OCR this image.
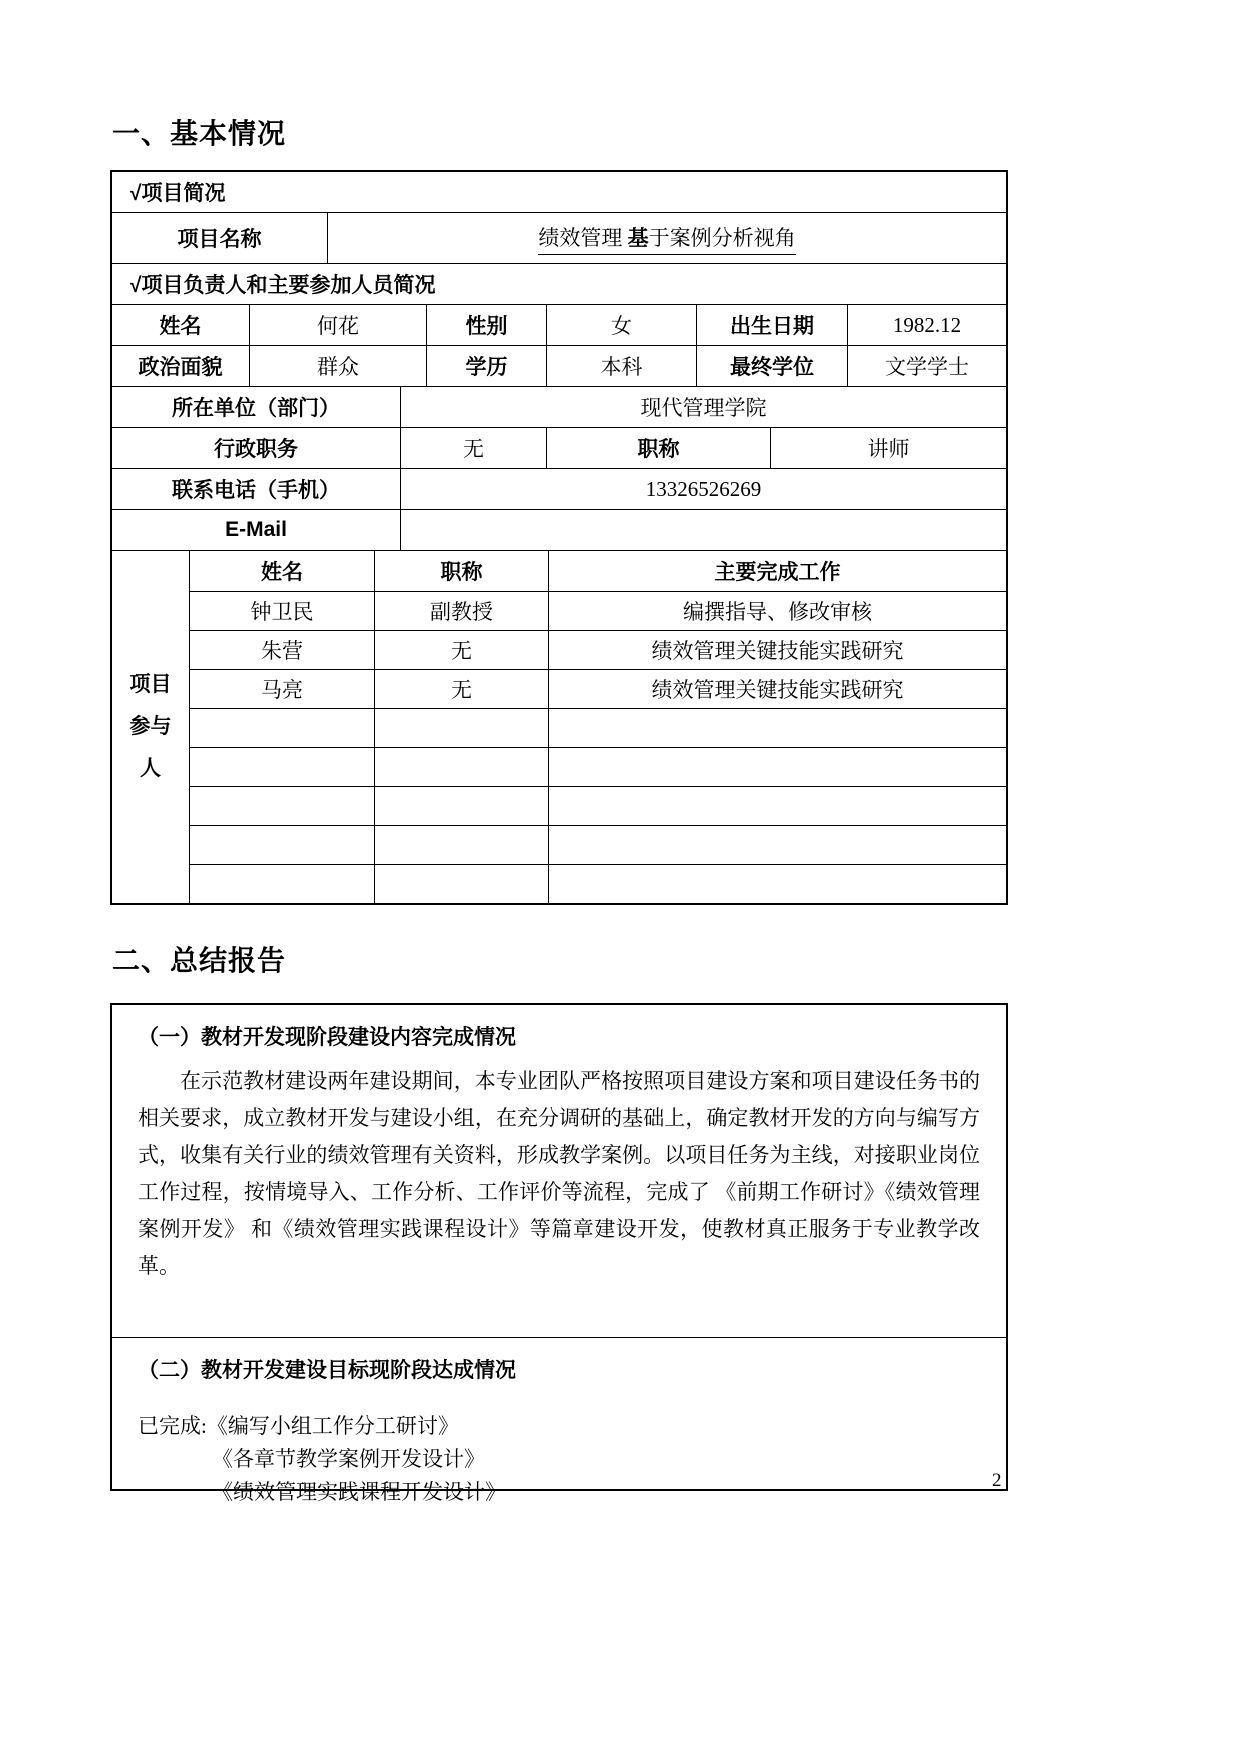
一、基本情况
√项目简况
项目名称	绩效管理 基于案例分析视角
√项目负责人和主要参加人员简况
姓名	何花	性别	女	出生日期	1982.12
政治面貌	群众	学历	本科	最终学位	文学学士
所在单位（部门）	现代管理学院
行政职务	无	职称	讲师
联系电话（手机）	13326526269
E-Mail
项目
参与
人
姓名	职称	主要完成工作
钟卫民	副教授	编撰指导、修改审核
朱营	无	绩效管理关键技能实践研究
马亮	无	绩效管理关键技能实践研究
二、总结报告
（一）教材开发现阶段建设内容完成情况
在示范教材建设两年建设期间，本专业团队严格按照项目建设方案和项目建设任务书的相关要求，成立教材开发与建设小组，在充分调研的基础上，确定教材开发的方向与编写方式，收集有关行业的绩效管理有关资料，形成教学案例。以项目任务为主线，对接职业岗位工作过程，按情境导入、工作分析、工作评价等流程，完成了 《前期工作研讨》《绩效管理案例开发》 和《绩效管理实践课程设计》等篇章建设开发，使教材真正服务于专业教学改革。
（二）教材开发建设目标现阶段达成情况
已完成:《编写小组工作分工研讨》
《各章节教学案例开发设计》
《绩效管理实践课程开发设计》	2
